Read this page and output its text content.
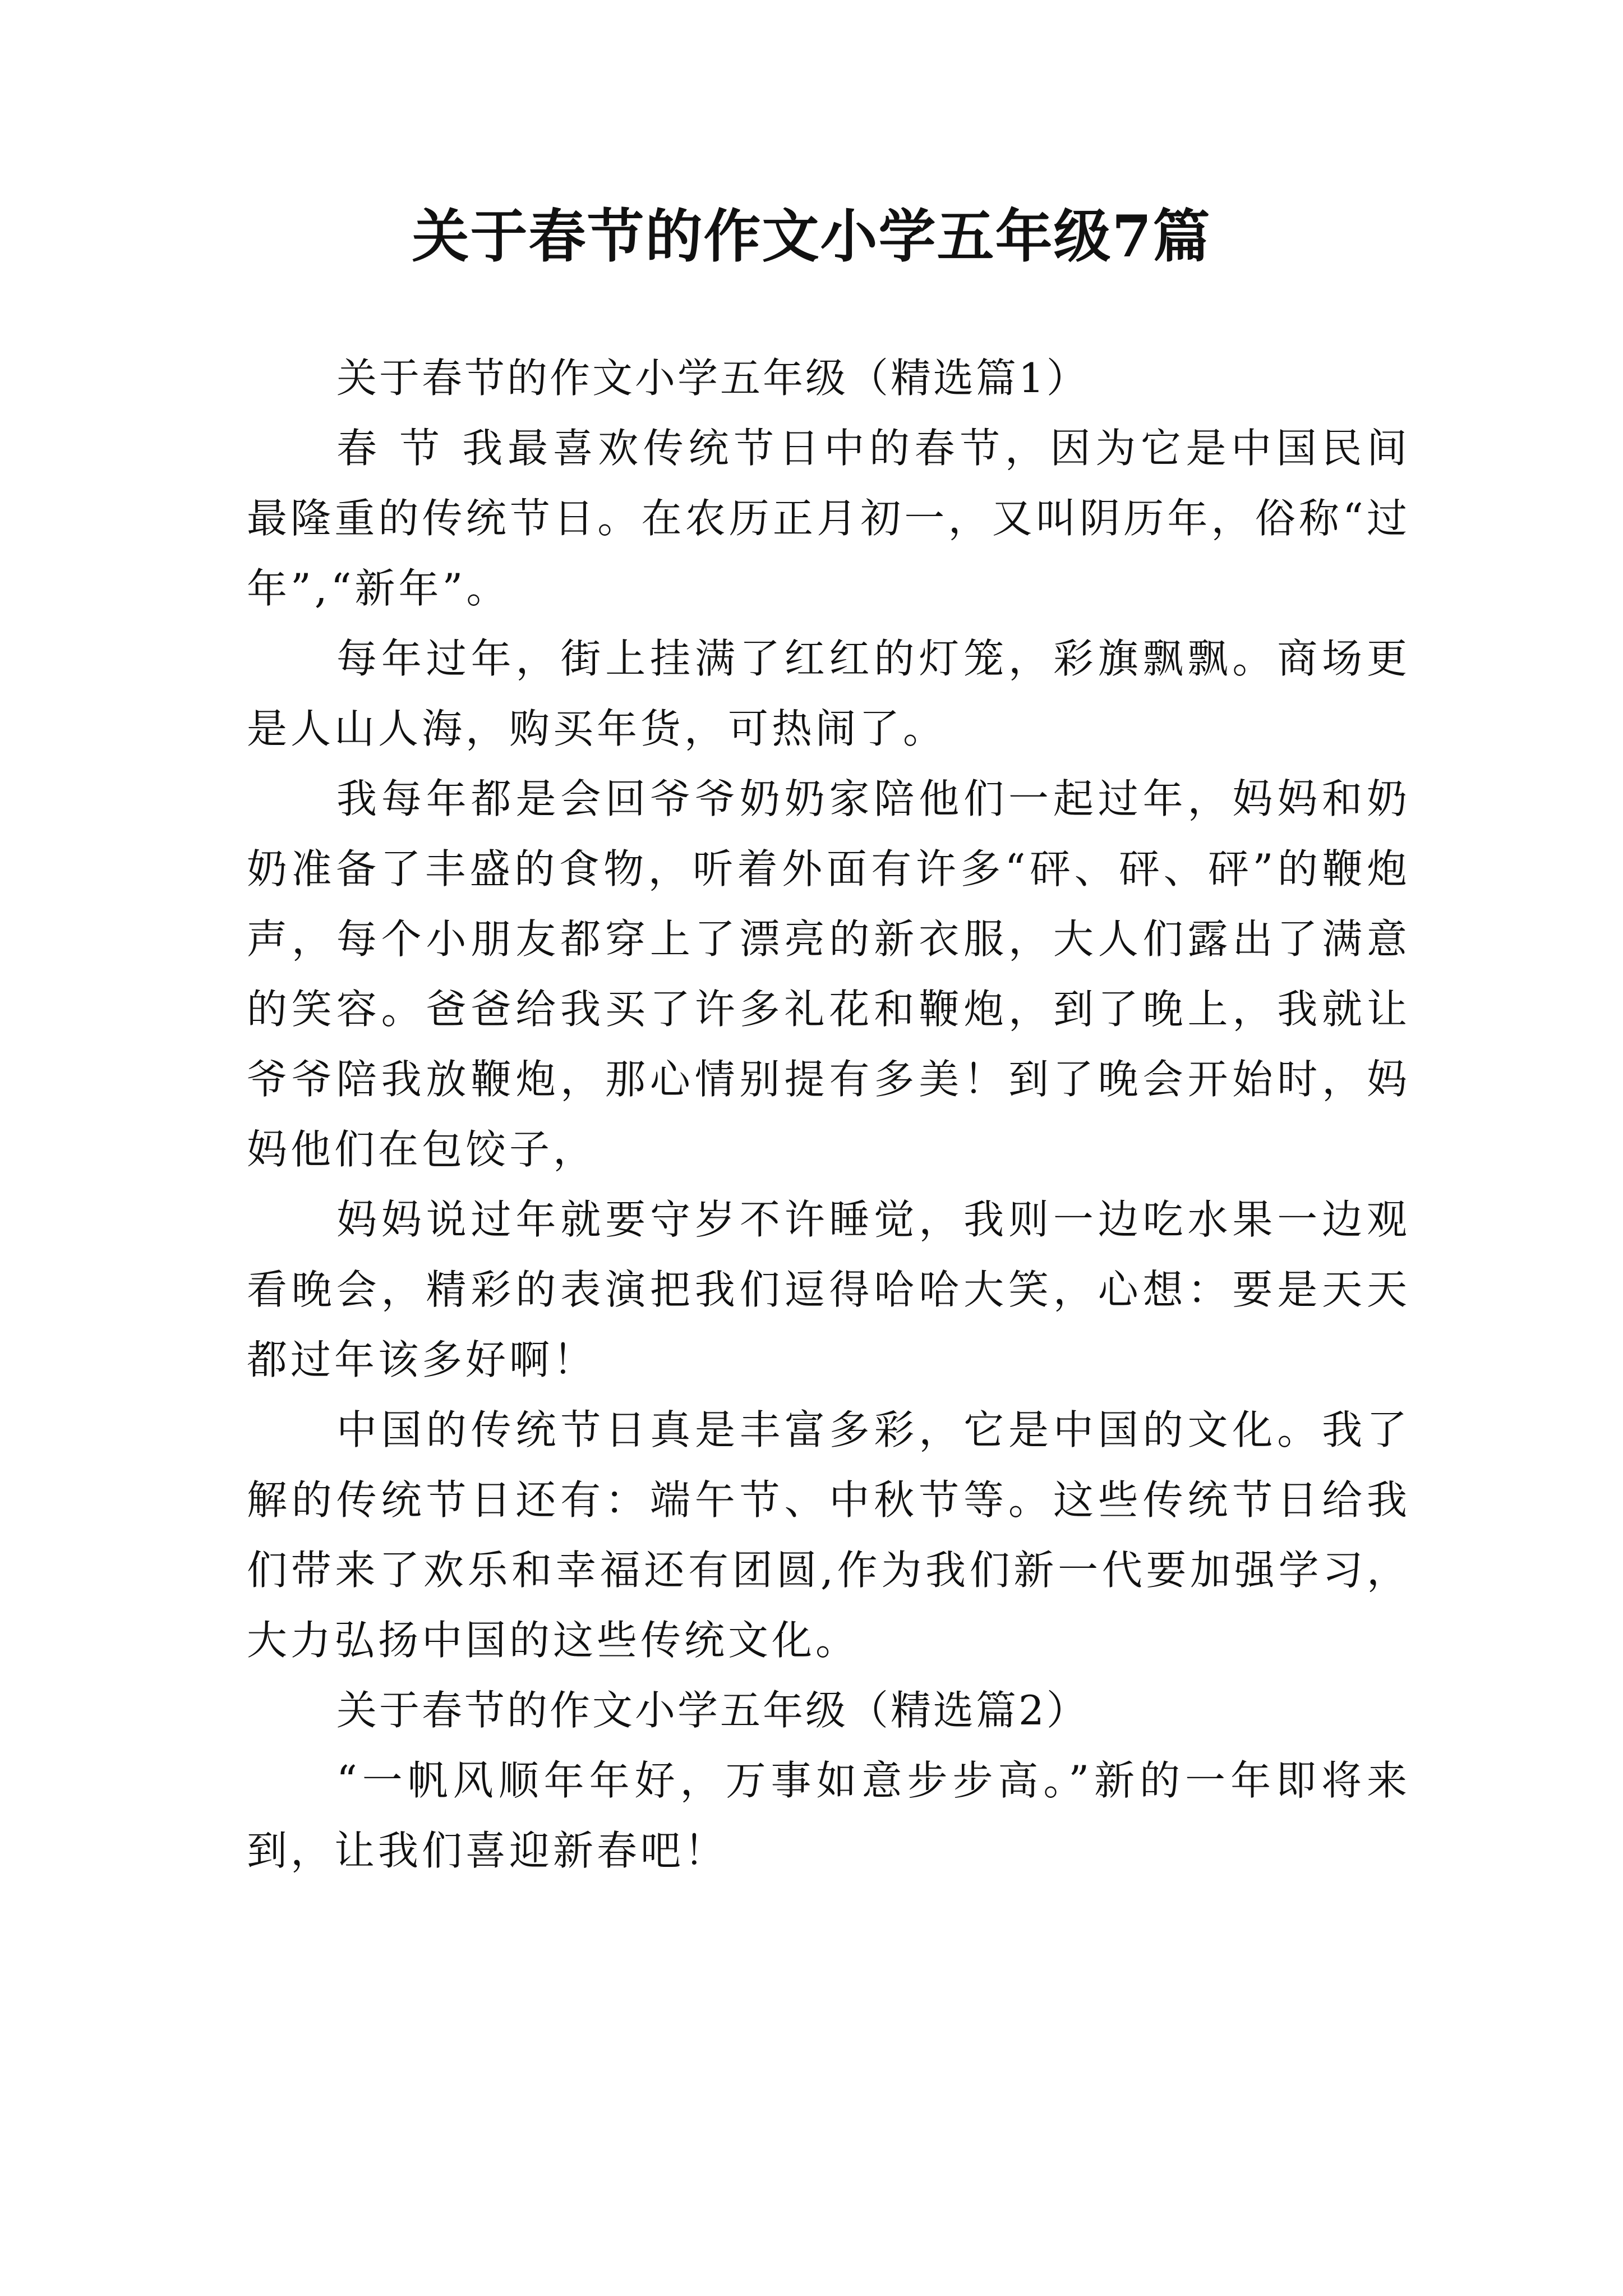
关于春节的作文小学五年级7篇

关于春节的作文小学五年级（精选篇1）

春 节 我最喜欢传统节日中的春节，因为它是中国民间最隆重的传统节日。在农历正月初一，又叫阴历年，俗称“过年”,“新年”。

每年过年，街上挂满了红红的灯笼，彩旗飘飘。商场更是人山人海，购买年货，可热闹了。

我每年都是会回爷爷奶奶家陪他们一起过年，妈妈和奶奶准备了丰盛的食物，听着外面有许多“砰、砰、砰”的鞭炮声，每个小朋友都穿上了漂亮的新衣服，大人们露出了满意的笑容。爸爸给我买了许多礼花和鞭炮，到了晚上，我就让爷爷陪我放鞭炮，那心情别提有多美！到了晚会开始时，妈妈他们在包饺子，

妈妈说过年就要守岁不许睡觉，我则一边吃水果一边观看晚会，精彩的表演把我们逗得哈哈大笑，心想：要是天天都过年该多好啊！

中国的传统节日真是丰富多彩，它是中国的文化。我了解的传统节日还有：端午节、中秋节等。这些传统节日给我们带来了欢乐和幸福还有团圆,作为我们新一代要加强学习，大力弘扬中国的这些传统文化。

关于春节的作文小学五年级（精选篇2）

“一帆风顺年年好，万事如意步步高。”新的一年即将来到，让我们喜迎新春吧！
